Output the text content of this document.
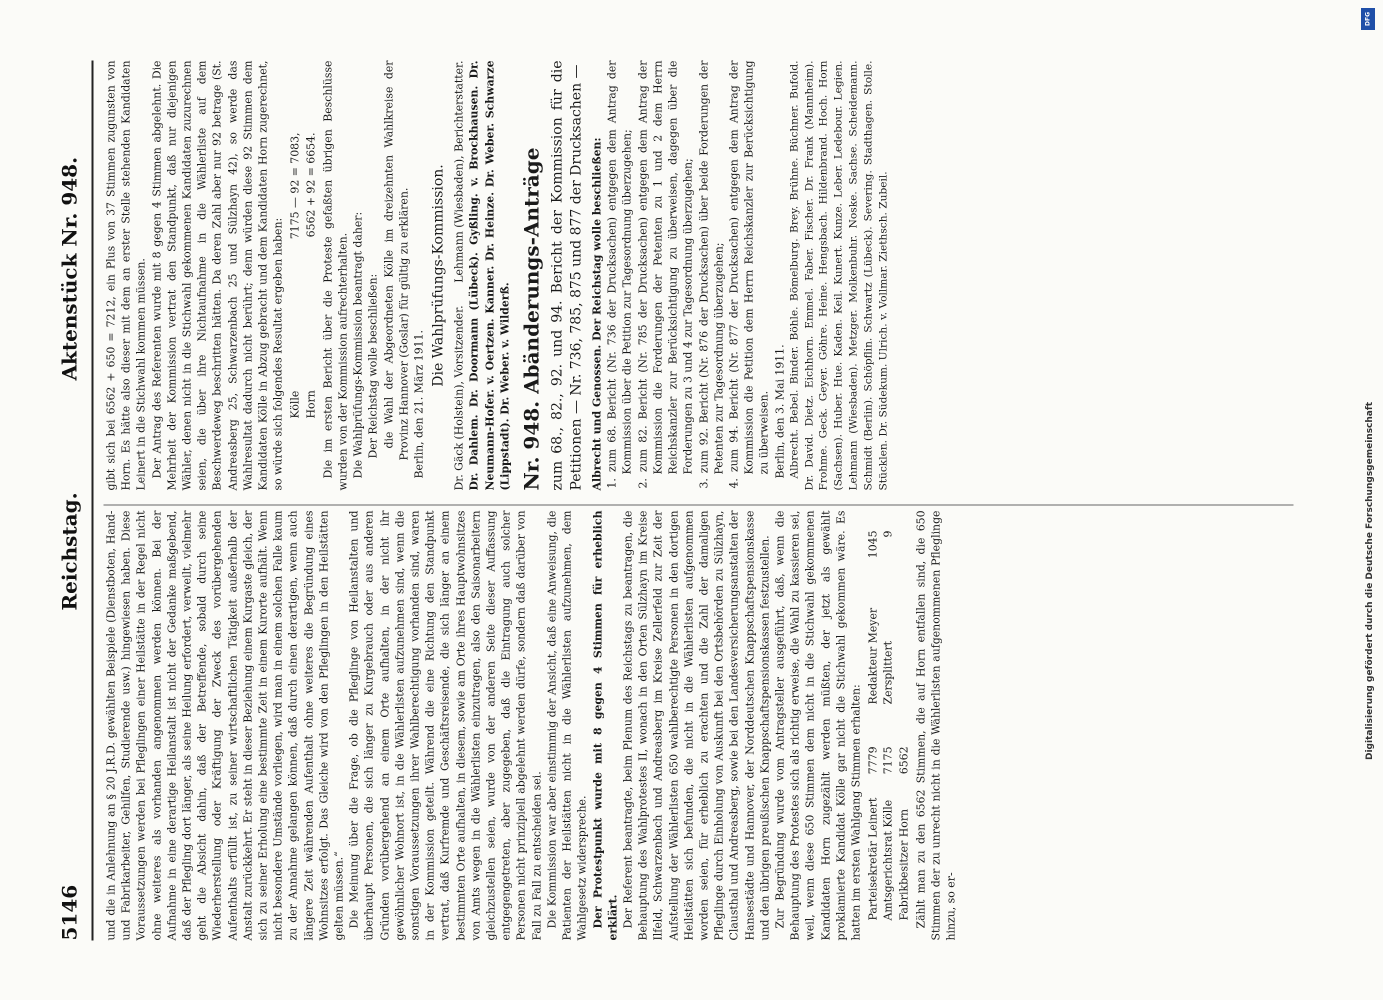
5146
Reichstag.
Aktenstück Nr. 948.

und die in Anlehnung an § 20 J.R.D. gewählten Beispiele (Dienstboten, Hand- und Fabrikarbeiter, Gehilfen, Studierende usw.) hingewiesen haben. Diese Voraussetzungen werden bei Pfleglingen einer Heilstätte in der Regel nicht ohne weiteres als vorhanden angenommen werden können. Bei der Aufnahme in eine derartige Heilanstalt ist nicht der Gedanke maßgebend, daß der Pflegling dort länger, als seine Heilung erfordert, verweilt, vielmehr geht die Absicht dahin, daß der Betreffende, sobald durch seine Wiederherstellung oder Kräftigung der Zweck des vorübergehenden Aufenthalts erfüllt ist, zu seiner wirtschaftlichen Tätigkeit außerhalb der Anstalt zurückkehrt. Er steht in dieser Beziehung einem Kurgaste gleich, der sich zu seiner Erholung eine bestimmte Zeit in einem Kurorte aufhält. Wenn nicht besondere Umstände vorliegen, wird man in einem solchen Falle kaum zu der Annahme gelangen können, daß durch einen derartigen, wenn auch längere Zeit währenden Aufenthalt ohne weiteres die Begründung eines Wohnsitzes erfolgt. Das Gleiche wird von den Pfleglingen in den Heilstätten gelten müssen.“ Die Meinung über die Frage, ob die Pfleglinge von Heilanstalten und überhaupt Personen, die sich länger zu Kurgebrauch oder aus anderen Gründen vorübergehend an einem Orte aufhalten, in der nicht ihr gewöhnlicher Wohnort ist, in die Wählerlisten aufzunehmen sind, wenn die sonstigen Voraussetzungen ihrer Wahlberechtigung vorhanden sind, waren in der Kommission geteilt. Während die eine Richtung den Standpunkt vertrat, daß Kurfremde und Geschäftsreisende, die sich länger an einem bestimmten Orte aufhalten, in diesem, sowie am Orte ihres Hauptwohnsitzes von Amts wegen in die Wählerlisten einzutragen, also den Saisonarbeitern gleichzustellen seien, wurde von der anderen Seite dieser Auffassung entgegengetreten, aber zugegeben, daß die Eintragung auch solcher Personen nicht prinzipiell abgelehnt werden dürfe, sondern daß darüber von Fall zu Fall zu entscheiden sei. Die Kommission war aber einstimmig der Ansicht, daß eine Anweisung, die Patienten der Heilstätten nicht in die Wählerlisten aufzunehmen, dem Wahlgesetz widerspreche. Der Protestpunkt wurde mit 8 gegen 4 Stimmen für erheblich erklärt. Der Referent beantragte, beim Plenum des Reichstags zu beantragen, die Behauptung des Wahlprotestes II, wonach in den Orten Sülzhayn im Kreise Ilfeld, Schwarzenbach und Andreasberg im Kreise Zellerfeld zur Zeit der Aufstellung der Wählerlisten 650 wahlberechtigte Personen in den dortigen Heilstätten sich befunden, die nicht in die Wählerlisten aufgenommen worden seien, für erheblich zu erachten und die Zahl der damaligen Pfleglinge durch Einholung von Auskunft bei den Ortsbehörden zu Sülzhayn, Clausthal und Andreasberg, sowie bei den Landesversicherungsanstalten der Hansestädte und Hannover, der Norddeutschen Knappschaftspensionskasse und den übrigen preußischen Knappschaftspensionskassen festzustellen. Zur Begründung wurde vom Antragsteller ausgeführt, daß, wenn die Behauptung des Protestes sich als richtig erweise, die Wahl zu kassieren sei, weil, wenn diese 650 Stimmen dem nicht in die Stichwahl gekommenen Kandidaten Horn zugezählt werden müßten, der jetzt als gewählt proklamierte Kandidat Kölle gar nicht die Stichwahl gekommen wäre. Es hatten im ersten Wahlgang Stimmen erhalten: Parteisekretär Leinert
7779
Amtsgerichtsrat Kölle
7175
Fabrikbesitzer Horn
6562
Redakteur Meyer
1045
Zersplittert
9 Zählt man zu den 6562 Stimmen, die auf Horn entfallen sind, die 650 Stimmen der zu unrecht nicht in die Wählerlisten aufgenommenen Pfleglinge hinzu, so er-

gibt sich bei 6562 + 650 = 7212, ein Plus von 37 Stimmen zugunsten von Horn. Es hätte also dieser mit dem an erster Stelle stehenden Kandidaten Leinert in die Stichwahl kommen müssen. Der Antrag des Referenten wurde mit 8 gegen 4 Stimmen abgelehnt. Die Mehrheit der Kommission vertrat den Standpunkt, daß nur diejenigen Wähler, denen nicht in die Stichwahl gekommenen Kandidaten zuzurechnen seien, die über ihre Nichtaufnahme in die Wählerliste auf dem Beschwerdeweg beschritten hätten. Da deren Zahl aber nur 92 betrage (St. Andreasberg 25, Schwarzenbach 25 und Sülzhayn 42), so werde das Wahlresultat dadurch nicht berührt; denn würden diese 92 Stimmen dem Kandidaten Kölle in Abzug gebracht und dem Kandidaten Horn zugerechnet, so würde sich folgendes Resultat ergeben haben: Kölle
7175 — 92 = 7083,
Horn
6562 + 92 = 6654. Die im ersten Bericht über die Proteste gefaßten übrigen Beschlüsse wurden von der Kommission aufrechterhalten. Die Wahlprüfungs-Kommission beantragt daher: Der Reichstag wolle beschließen: die Wahl der Abgeordneten Kölle im dreizehnten Wahlkreise der Provinz Hannover (Goslar) für gültig zu erklären. Berlin, den 21. März 1911.

Die Wahlprüfungs-Kommission.
Dr. Gäck (Holstein), Vorsitzender.
Lehmann (Wiesbaden), Berichterstatter. Dr. Dahlem. Dr. Doormann (Lübeck). Gyßling. v. Brockhausen. Dr. Neumann-Hofer. v. Oertzen. Kanner. Dr. Heinze. Dr. Weber. Schwarze (Lippstadt). Dr. Weber. v. Wilderß. Nr. 948. Abänderungs-Anträge zum 68., 82., 92. und 94. Bericht der Kommission für die Petitionen — Nr. 736, 785, 875 und 877 der Drucksachen — Albrecht und Genossen. Der Reichstag wolle beschließen: 1. zum 68. Bericht (Nr. 736 der Drucksachen) entgegen dem Antrag der Kommission über die Petition zur Tagesordnung überzugehen; 2. zum 82. Bericht (Nr. 785 der Drucksachen) entgegen dem Antrag der Kommission die Forderungen der Petenten zu 1 und 2 dem Herrn Reichskanzler zur Berücksichtigung zu überweisen, dagegen über die Forderungen zu 3 und 4 zur Tagesordnung überzugehen; 3. zum 92. Bericht (Nr. 876 der Drucksachen) über beide Forderungen der Petenten zur Tagesordnung überzugehen; 4. zum 94. Bericht (Nr. 877 der Drucksachen) entgegen dem Antrag der Kommission die Petition dem Herrn Reichskanzler zur Berücksichtigung zu überweisen. Berlin, den 3. Mai 1911. Albrecht. Bebel. Binder. Böhle. Bömelburg. Brey. Brühne. Büchner. Bufold. Dr. David. Dietz. Eichhorn. Emmel. Faber. Fischer. Dr. Frank (Mannheim). Frohme. Geck. Geyer. Göhre. Heine. Hengsbach. Hildenbrand. Hoch. Horn (Sachsen). Huber. Hue. Kaden. Keil. Kunert. Kunze. Leber. Ledebour. Legien. Lehmann (Wiesbaden). Metzger. Molkenbuhr. Noske. Sachse. Scheidemann. Schmidt (Berlin). Schöpflin. Schwartz (Lübeck). Severing. Stadthagen. Stolle. Stücklen. Dr. Südekum. Ulrich. v. Vollmar. Ziethsch. Zubeil.

DFG
Digitalisierung gefördert durch die Deutsche Forschungsgemeinschaft
